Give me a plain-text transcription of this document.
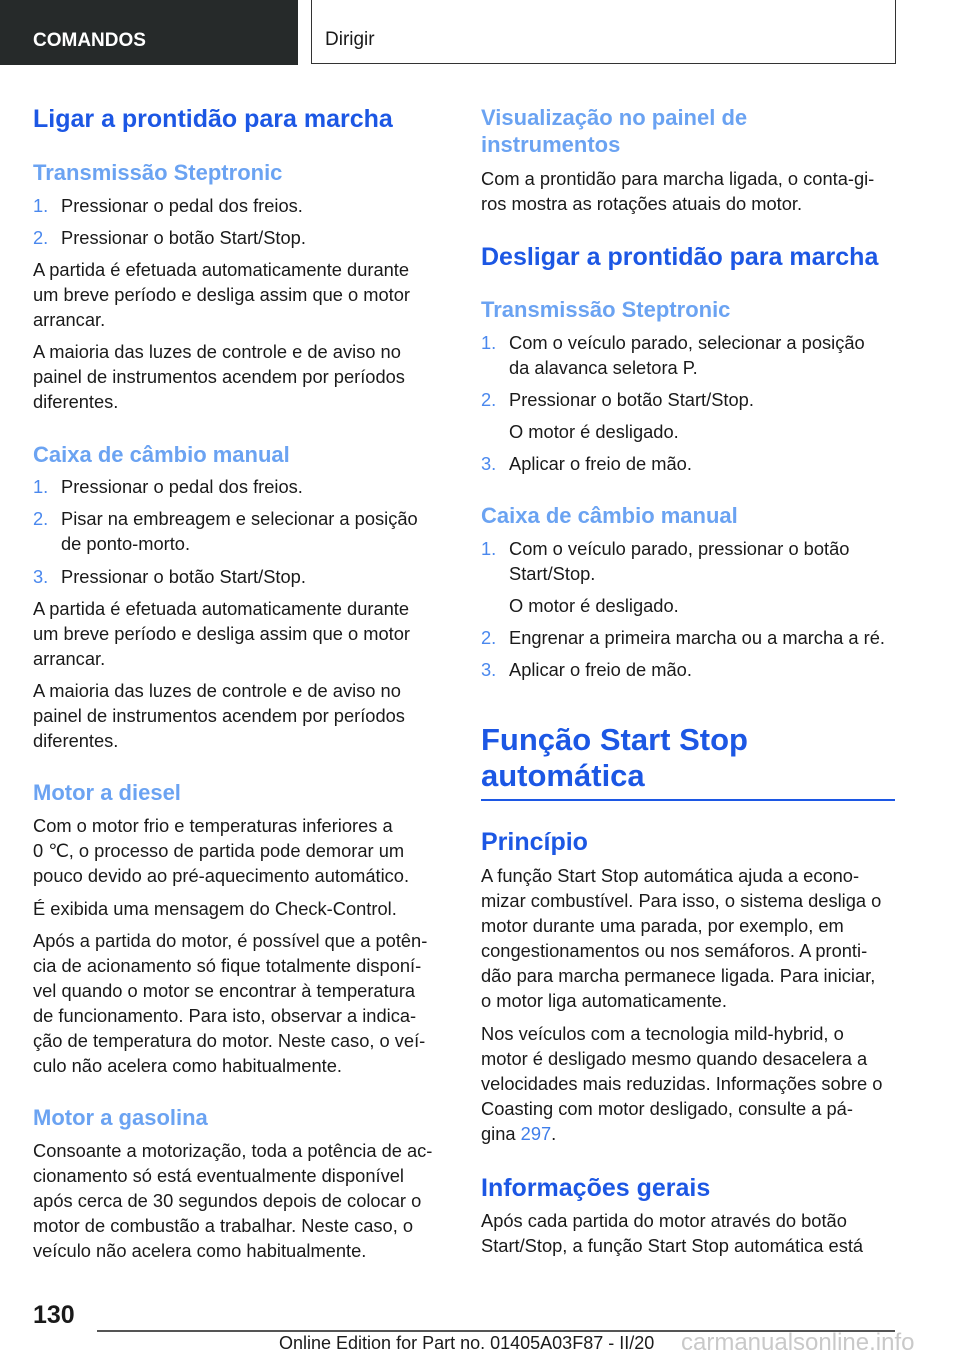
COMANDOS	Dirigir
Ligar a prontidão para marcha
Transmissão Steptronic
1. Pressionar o pedal dos freios.
2. Pressionar o botão Start/Stop.
A partida é efetuada automaticamente durante
um breve período e desliga assim que o motor
arrancar.
A maioria das luzes de controle e de aviso no
painel de instrumentos acendem por períodos
diferentes.
Caixa de câmbio manual
1. Pressionar o pedal dos freios.
2. Pisar na embreagem e selecionar a posição
de ponto-morto.
3. Pressionar o botão Start/Stop.
A partida é efetuada automaticamente durante
um breve período e desliga assim que o motor
arrancar.
A maioria das luzes de controle e de aviso no
painel de instrumentos acendem por períodos
diferentes.
Motor a diesel
Com o motor frio e temperaturas inferiores a
0 ℃, o processo de partida pode demorar um
pouco devido ao pré-aquecimento automático.
É exibida uma mensagem do Check-Control.
Após a partida do motor, é possível que a potên-
cia de acionamento só fique totalmente disponí-
vel quando o motor se encontrar à temperatura
de funcionamento. Para isto, observar a indica-
ção de temperatura do motor. Neste caso, o veí-
culo não acelera como habitualmente.
Motor a gasolina
Consoante a motorização, toda a potência de ac-
cionamento só está eventualmente disponível
após cerca de 30 segundos depois de colocar o
motor de combustão a trabalhar. Neste caso, o
veículo não acelera como habitualmente.
Visualização no painel de
instrumentos
Com a prontidão para marcha ligada, o conta-gi-
ros mostra as rotações atuais do motor.
Desligar a prontidão para marcha
Transmissão Steptronic
1. Com o veículo parado, selecionar a posição
da alavanca seletora P.
2. Pressionar o botão Start/Stop.
O motor é desligado.
3. Aplicar o freio de mão.
Caixa de câmbio manual
1. Com o veículo parado, pressionar o botão
Start/Stop.
O motor é desligado.
2. Engrenar a primeira marcha ou a marcha a ré.
3. Aplicar o freio de mão.
Função Start Stop
automática
Princípio
A função Start Stop automática ajuda a econo-
mizar combustível. Para isso, o sistema desliga o
motor durante uma parada, por exemplo, em
congestionamentos ou nos semáforos. A pronti-
dão para marcha permanece ligada. Para iniciar,
o motor liga automaticamente.
Nos veículos com a tecnologia mild-hybrid, o
motor é desligado mesmo quando desacelera a
velocidades mais reduzidas. Informações sobre o
Coasting com motor desligado, consulte a pá-
gina 297.
Informações gerais
Após cada partida do motor através do botão
Start/Stop, a função Start Stop automática está
130
Online Edition for Part no. 01405A03F87 - II/20 carmanualsonline.info
